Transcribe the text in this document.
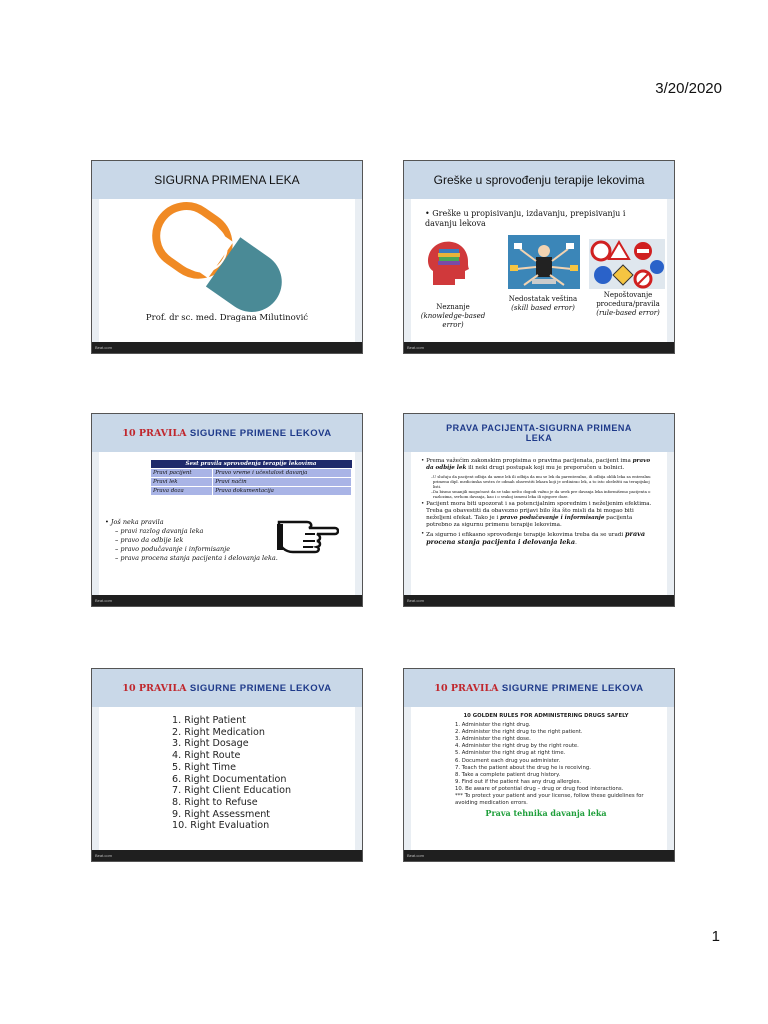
3/20/2020
1
SIGURNA PRIMENA LEKA
Prof. dr sc. med. Dragana Milutinović
Beat.com
Greške u sprovođenju terapije lekovima
• Greške u propisivanju, izdavanju, prepisivanju i davanju lekova
Neznanje
(knowledge-based error)
Nedostatak veština
(skill based error)
Nepoštovanje
procedura/pravila
(rule-based error)
Beat.com
10 PRAVILA
SIGURNE PRIMENE LEKOVA
Šest pravila sprovođenja terapije lekovima	
Pravi pacijent	Pravo vreme i učestalost davanja
Pravi lek	Pravi način
Prava doza	Prava dokumentacija
• Još neka pravila
– pravi razlog davanja leka
– pravo da odbije lek
– pravo podučavanje i informisanje
– prava procena stanja pacijenta i delovanja leka.
Beat.com
PRAVA PACIJENTA-SIGURNA PRIMENA
LEKA
• Prema važećim zakonskim propisima o pravima pacijenata, pacijent ima pravo da odbije lek ili neki drugi postupak koji mu je preporučen u bolnici.
–
U slučaju da pacijent odbija da uzme lek ili odbija da mu se lek da parenteralno, ili odbija oblik leka za enteralnu primenu dipl. medicinska sestra će odmah obavestiti lekara koji je ordinirao lek, a to isto obeležiti na terapijskoj listi.
–
Da bismo smanjili mogućnost da se tako nešto dogodi važno je da uvek pre davanja leka informišemo pacijenta o razlozima, svrhom davanja, kao i o svakoj izmeni leka ili njegove doze.
• Pacijent mora biti upozorat i sa potencijalnim sporednim i neželjenim efektima. Treba ga obavestiti da obavezno prijavi bilo šta što misli da bi mogao biti neželjeni efekat. Tako je i pravo podučavanje i informisanje pacijenta potrebno za sigurnu primenu terapije lekovima.
• Za sigurno i efikasno sprovođenje terapije lekovima treba da se uradi prava procena stanja pacijenta i delovanja leka.
Beat.com
10 PRAVILA
SIGURNE PRIMENE LEKOVA
1. Right Patient
2. Right Medication
3. Right Dosage
4. Right Route
5. Right Time
6. Right Documentation
7. Right Client Education
8. Right to Refuse
9. Right Assessment
10. Right Evaluation
Beat.com
10 PRAVILA
SIGURNE PRIMENE LEKOVA
10 GOLDEN RULES FOR ADMINISTERING DRUGS SAFELY
1. Administer the right drug.
2. Administer the right drug to the right patient.
3. Administer the right dose.
4. Administer the right drug by the right route.
5. Administer the right drug at right time.
6. Document each drug you administer.
7. Teach the patient about the drug he is receiving.
8. Take a complete patient drug history.
9. Find out if the patient has any drug allergies.
10. Be aware of potential drug – drug or drug food interactions.
*** To protect your patient and your license, follow these guidelines for avoiding medication errors.
Prava tehnika davanja leka
Beat.com
